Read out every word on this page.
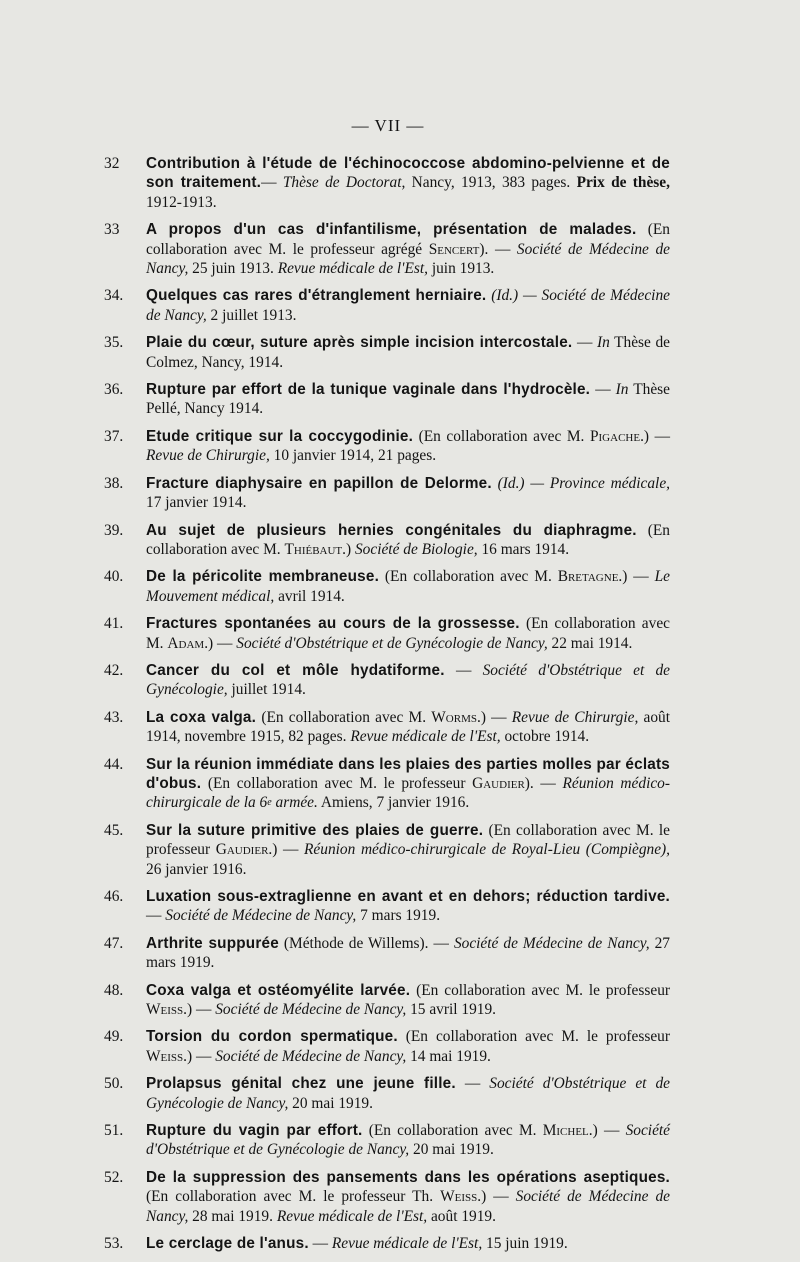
— VII —
32	Contribution à l'étude de l'échinococcose abdomino-pelvienne et de son traitement.— Thèse de Doctorat, Nancy, 1913, 383 pages. Prix de thèse, 1912-1913.
33	A propos d'un cas d'infantilisme, présentation de malades. (En collaboration avec M. le professeur agrégé Sencert). — Société de Médecine de Nancy, 25 juin 1913. Revue médicale de l'Est, juin 1913.
34.	Quelques cas rares d'étranglement herniaire. (Id.) — Société de Médecine de Nancy, 2 juillet 1913.
35.	Plaie du cœur, suture après simple incision intercostale. — In Thèse de Colmez, Nancy, 1914.
36.	Rupture par effort de la tunique vaginale dans l'hydrocèle. — In Thèse Pellé, Nancy 1914.
37.	Etude critique sur la coccygodinie. (En collaboration avec M. Pigache.) — Revue de Chirurgie, 10 janvier 1914, 21 pages.
38.	Fracture diaphysaire en papillon de Delorme. (Id.) — Province médicale, 17 janvier 1914.
39.	Au sujet de plusieurs hernies congénitales du diaphragme. (En collaboration avec M. Thiébaut.) Société de Biologie, 16 mars 1914.
40.	De la péricolite membraneuse. (En collaboration avec M. Bretagne.) — Le Mouvement médical, avril 1914.
41.	Fractures spontanées au cours de la grossesse. (En collaboration avec M. Adam.) — Société d'Obstétrique et de Gynécologie de Nancy, 22 mai 1914.
42.	Cancer du col et môle hydatiforme. — Société d'Obstétrique et de Gynécologie, juillet 1914.
43.	La coxa valga. (En collaboration avec M. Worms.) — Revue de Chirurgie, août 1914, novembre 1915, 82 pages. Revue médicale de l'Est, octobre 1914.
44.	Sur la réunion immédiate dans les plaies des parties molles par éclats d'obus. (En collaboration avec M. le professeur Gaudier). — Réunion médico-chirurgicale de la 6e armée. Amiens, 7 janvier 1916.
45.	Sur la suture primitive des plaies de guerre. (En collaboration avec M. le professeur Gaudier.) — Réunion médico-chirurgicale de Royal-Lieu (Compiègne), 26 janvier 1916.
46.	Luxation sous-extraglienne en avant et en dehors; réduction tardive. — Société de Médecine de Nancy, 7 mars 1919.
47.	Arthrite suppurée (Méthode de Willems). — Société de Médecine de Nancy, 27 mars 1919.
48.	Coxa valga et ostéomyélite larvée. (En collaboration avec M. le professeur Weiss.) — Société de Médecine de Nancy, 15 avril 1919.
49.	Torsion du cordon spermatique. (En collaboration avec M. le professeur Weiss.) — Société de Médecine de Nancy, 14 mai 1919.
50.	Prolapsus génital chez une jeune fille. — Société d'Obstétrique et de Gynécologie de Nancy, 20 mai 1919.
51.	Rupture du vagin par effort. (En collaboration avec M. Michel.) — Société d'Obstétrique et de Gynécologie de Nancy, 20 mai 1919.
52.	De la suppression des pansements dans les opérations aseptiques. (En collaboration avec M. le professeur Th. Weiss.) — Société de Médecine de Nancy, 28 mai 1919. Revue médicale de l'Est, août 1919.
53.	Le cerclage de l'anus. — Revue médicale de l'Est, 15 juin 1919.
